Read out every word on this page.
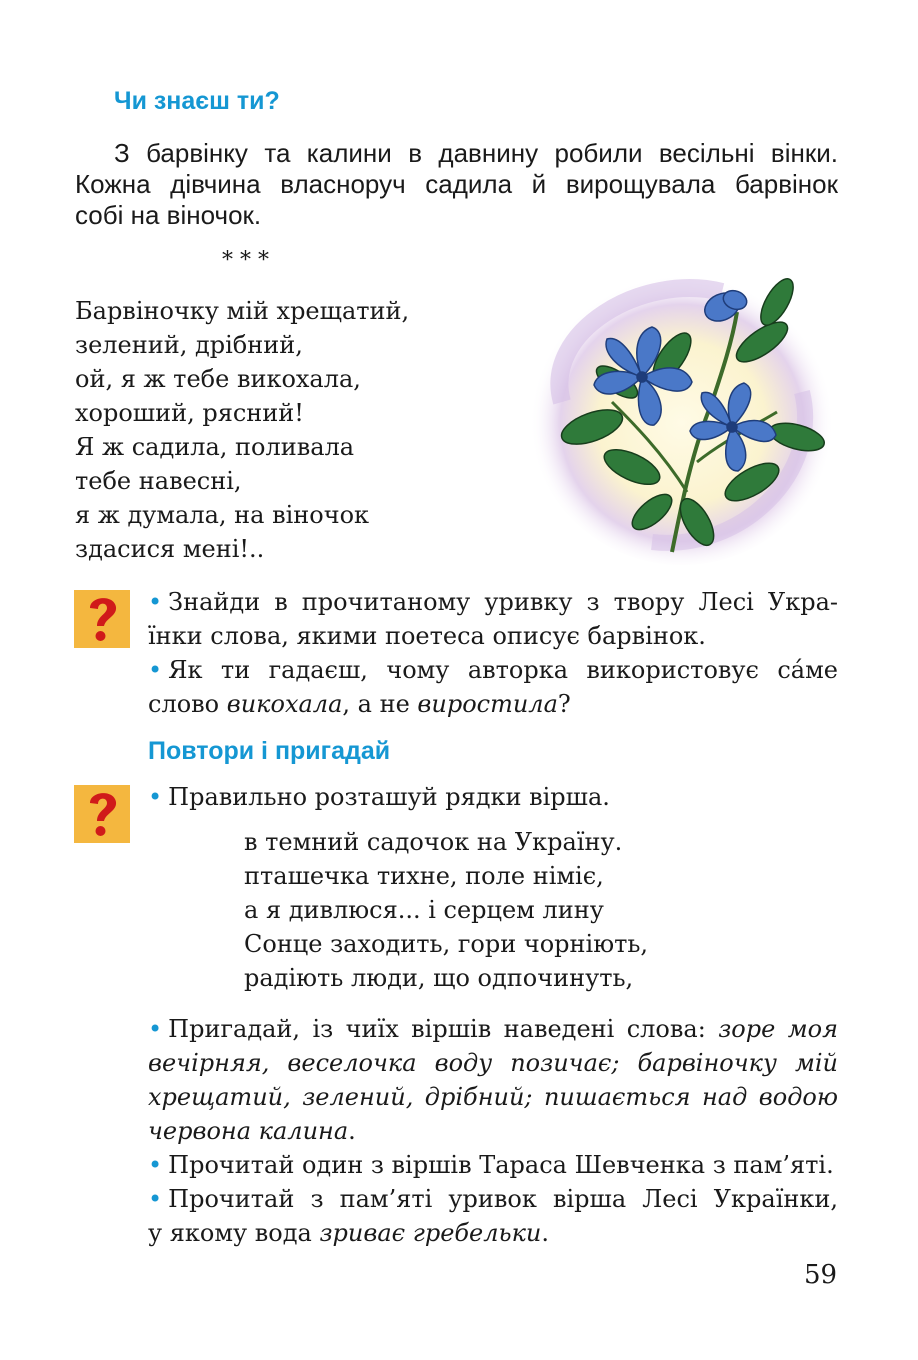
Чи знаєш ти?
З барвінку та калини в давнину робили весільні вінки.
Кожна дівчина власноруч садила й вирощувала барвінок
собі на віночок.
* * *
Барвіночку мій хрещатий,
зелений, дрібний,
ой, я ж тебе викохала,
хороший, рясний!
Я ж садила, поливала
тебе навесні,
я ж думала, на віночок
здасися мені!..
• Знайди в прочитаному уривку з твору Лесі Укра-
їнки слова, якими поетеса описує барвінок.
• Як ти гадаєш, чому авторка використовує са́ме
слово викохала, а не виростила?
Повтори і пригадай
• Правильно розташуй рядки вірша.
в темний садочок на Україну.
пташечка тихне, поле німіє,
а я дивлюся... і серцем лину
Сонце заходить, гори чорніють,
радіють люди, що одпочинуть,
• Пригадай, із чиїх віршів наведені слова: зоре моя
вечірняя, веселочка воду позичає; барвіночку мій
хрещатий, зелений, дрібний; пишається над водою
червона калина.
• Прочитай один з віршів Тараса Шевченка з пам’яті.
• Прочитай з пам’яті уривок вірша Лесі Українки,
у якому вода зриває гребельки.
59
